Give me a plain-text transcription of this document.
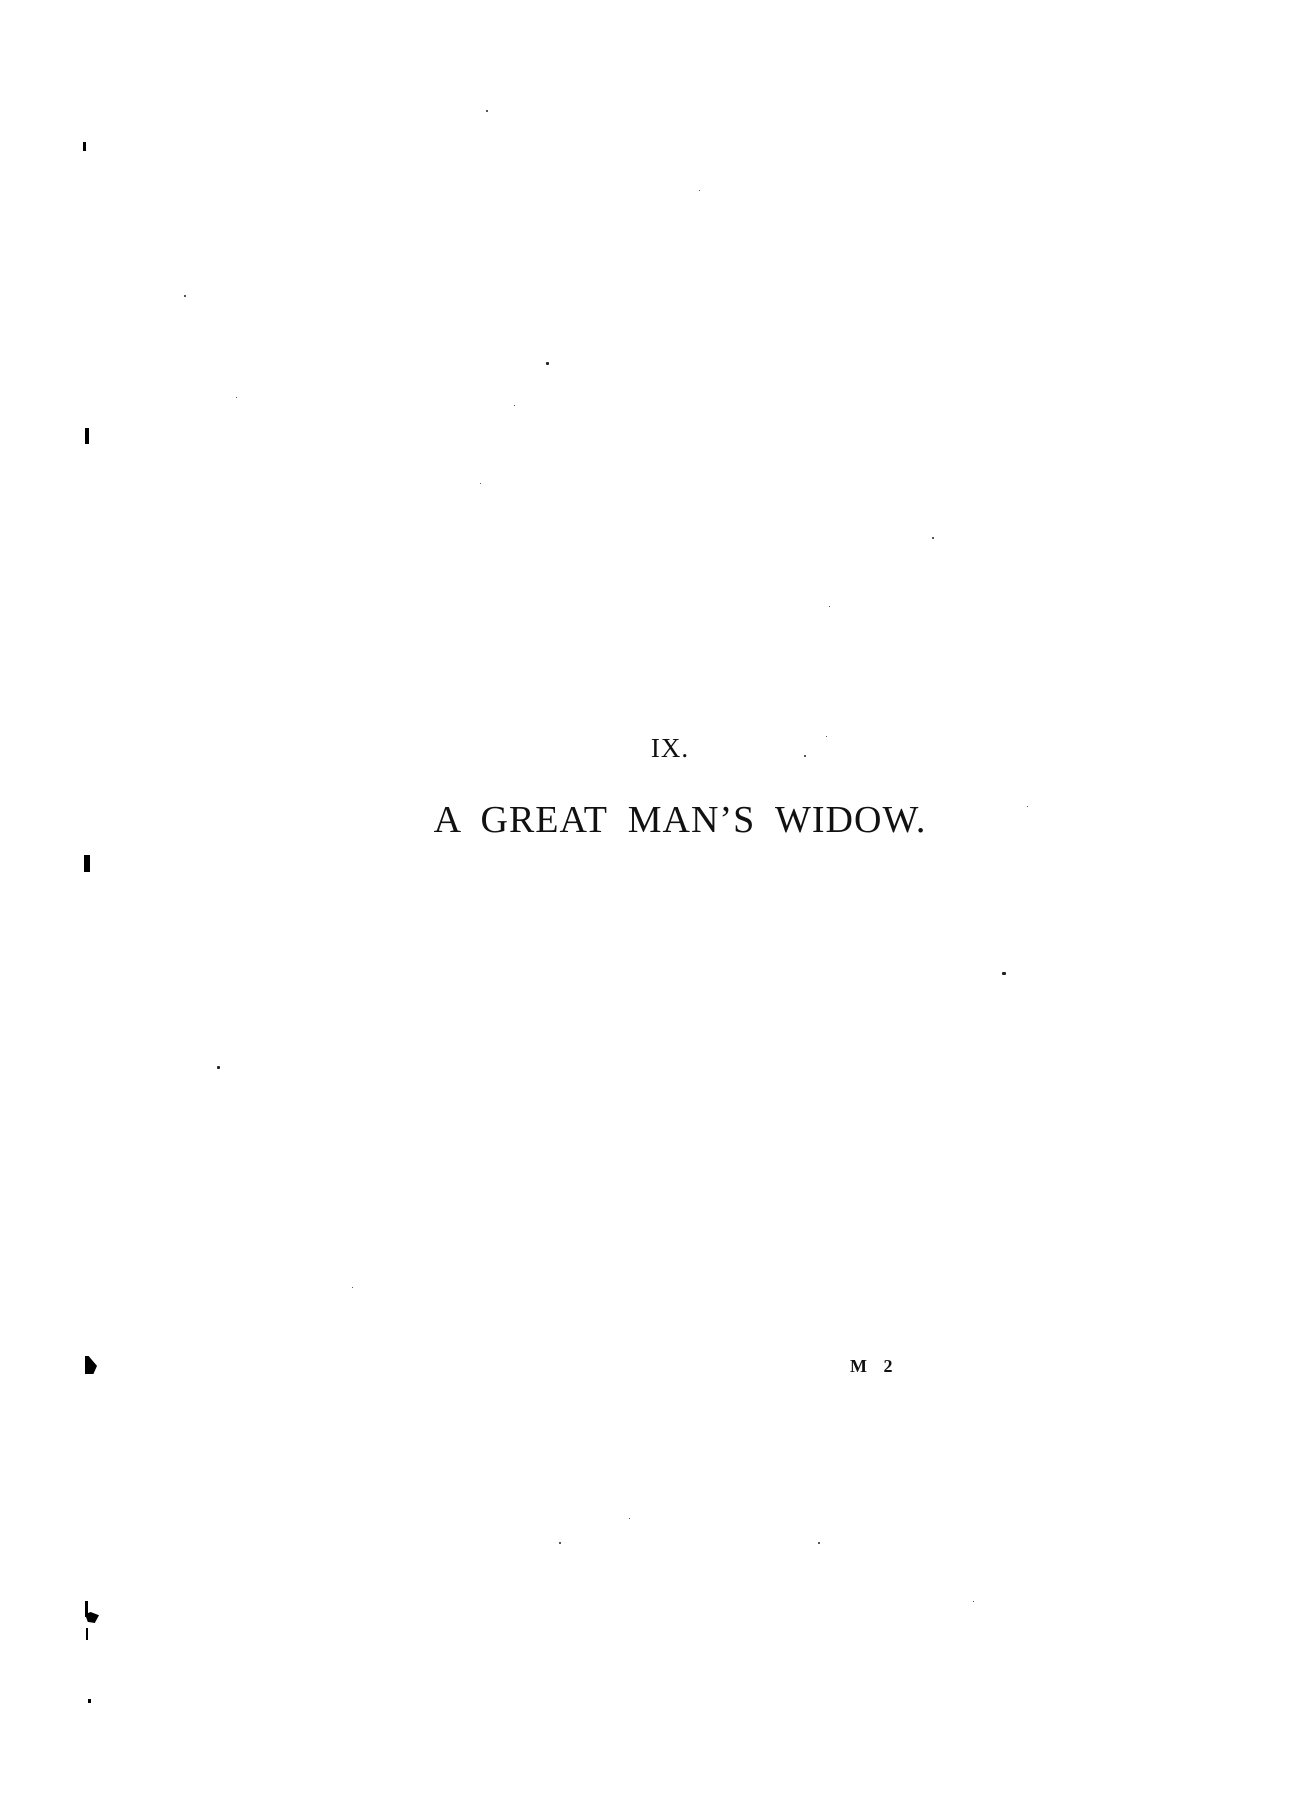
IX.
A GREAT MAN’S WIDOW.
M 2
